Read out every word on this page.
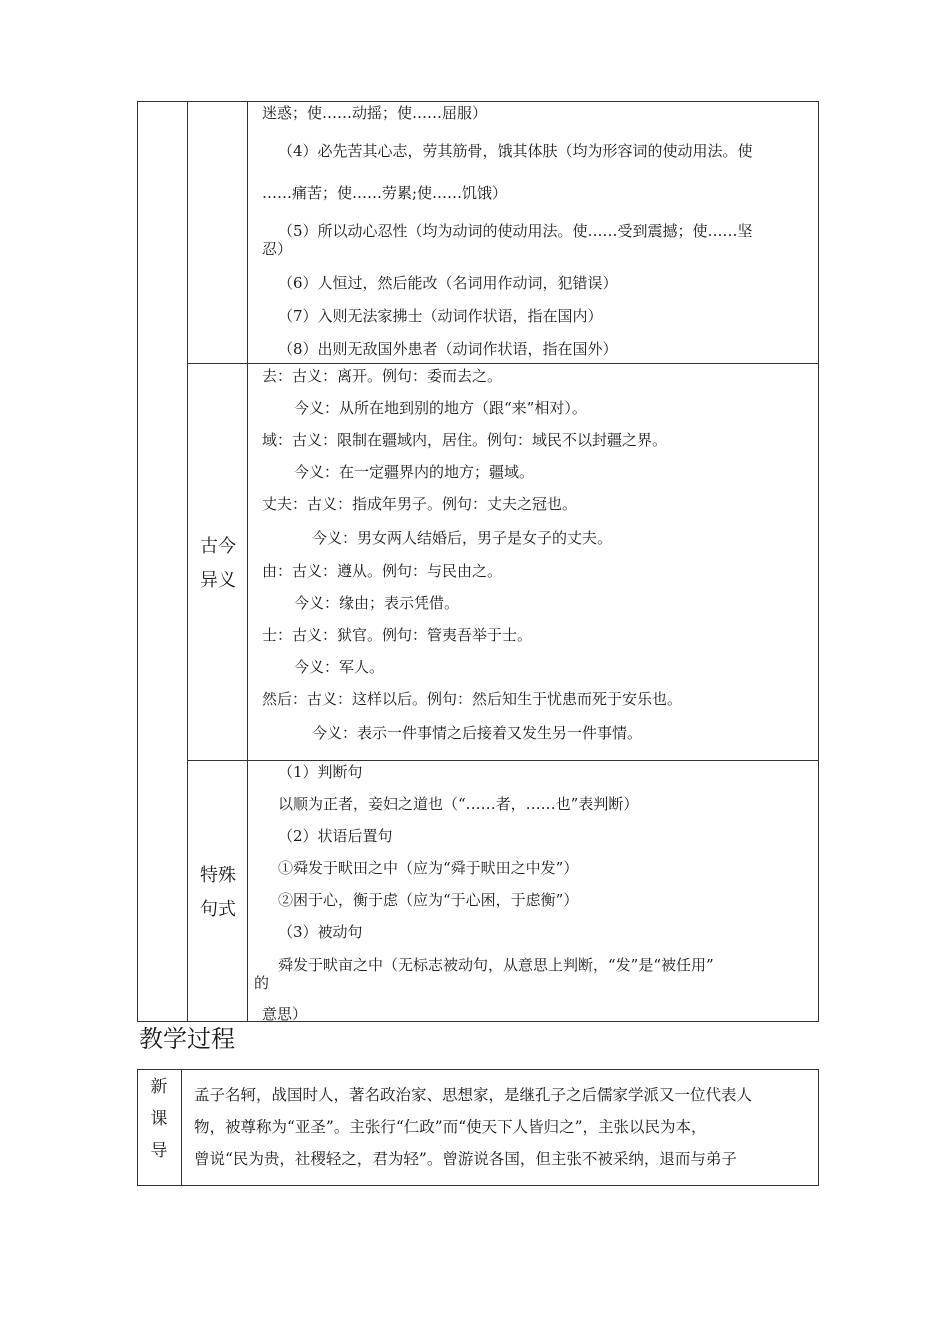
迷惑；使……动摇；使……屈服）
（4）必先苦其心志，劳其筋骨，饿其体肤（均为形容词的使动用法。使
……痛苦；使……劳累;使……饥饿）
（5）所以动心忍性（均为动词的使动用法。使……受到震撼；使……坚
忍）
（6）人恒过，然后能改（名词用作动词，犯错误）
（7）入则无法家拂士（动词作状语，指在国内）
（8）出则无敌国外患者（动词作状语，指在国外）
古今
异义
去：古义：离开。例句：委而去之。
今义：从所在地到别的地方（跟“来”相对）。
域：古义：限制在疆域内，居住。例句：域民不以封疆之界。
今义：在一定疆界内的地方；疆域。
丈夫：古义：指成年男子。例句：丈夫之冠也。
今义：男女两人结婚后，男子是女子的丈夫。
由：古义：遵从。例句：与民由之。
今义：缘由；表示凭借。
士：古义：狱官。例句：管夷吾举于士。
今义：军人。
然后：古义：这样以后。例句：然后知生于忧患而死于安乐也。
今义：表示一件事情之后接着又发生另一件事情。
特殊
句式
（1）判断句
以顺为正者，妾妇之道也（“……者，……也”表判断）
（2）状语后置句
①舜发于畎田之中（应为“舜于畎田之中发”）
②困于心，衡于虑（应为“于心困，于虑衡”）
（3）被动句
舜发于畎亩之中（无标志被动句，从意思上判断，“发”是“被任用”
的
意思）
教学过程
新
课
导
孟子名轲，战国时人，著名政治家、思想家，是继孔子之后儒家学派又一位代表人
物，被尊称为“亚圣”。主张行“仁政”而“使天下人皆归之”，主张以民为本，
曾说“民为贵，社稷轻之，君为轻”。曾游说各国，但主张不被采纳，退而与弟子
